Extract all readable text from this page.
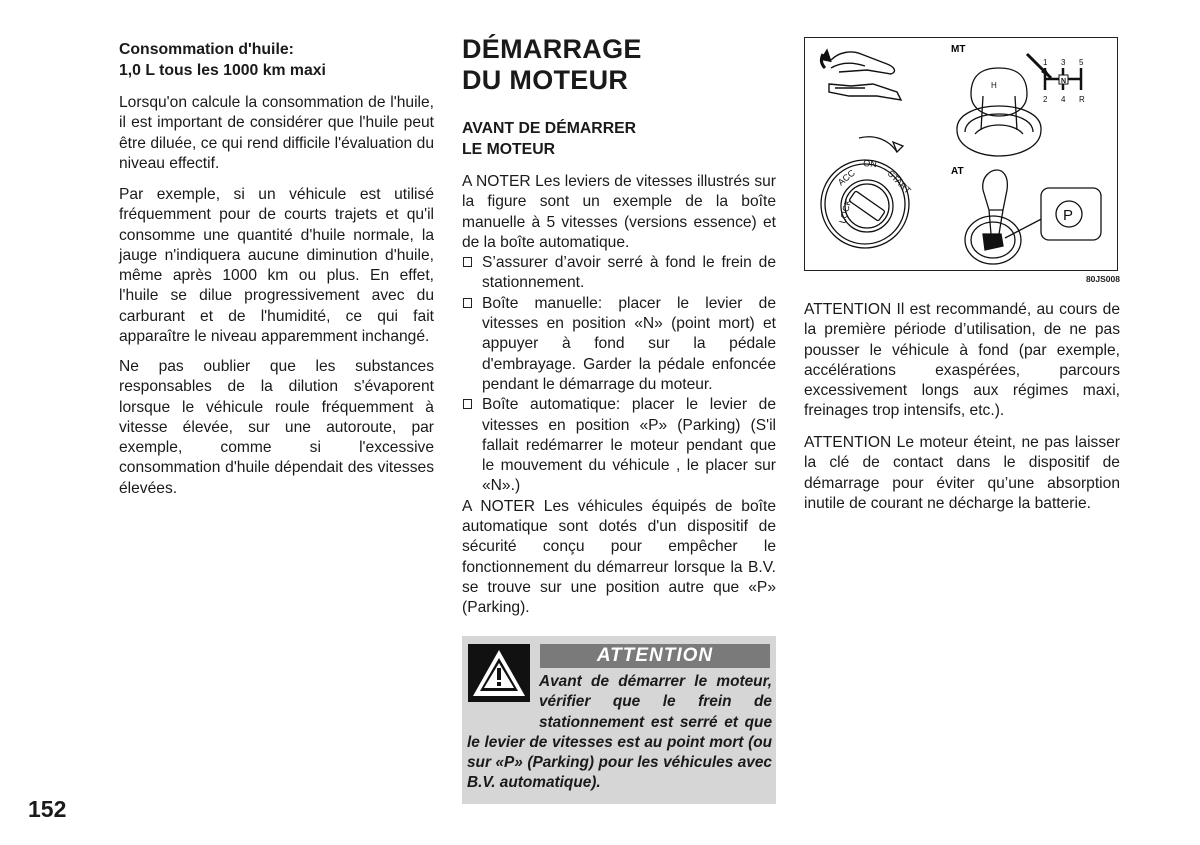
Consommation d'huile:
1,0 L tous les 1000 km maxi

Lorsqu'on calcule la consommation de l'huile, il est important de considérer que l'huile peut être diluée, ce qui rend difficile l'évaluation du niveau effectif.

Par exemple, si un véhicule est utilisé fréquemment pour de courts trajets et qu'il consomme une quantité d'huile normale, la jauge n'indiquera aucune diminution d'huile, même après 1000 km ou plus. En effet, l'huile se dilue progressivement avec du carburant et de l'humidité, ce qui fait apparaître le niveau apparemment inchangé.

Ne pas oublier que les substances responsables de la dilution s'évaporent lorsque le véhicule roule fréquemment à vitesse élevée, sur une autoroute, par exemple, comme si l'excessive consommation d'huile dépendait des vitesses élevées.

DÉMARRAGE
DU MOTEUR
AVANT DE DÉMARRER
LE MOTEUR

A NOTER Les leviers de vitesses illustrés sur la figure sont un exemple de la boîte manuelle à 5 vitesses (versions essence) et de la boîte automatique.

S’assurer d’avoir serré à fond le frein de stationnement.

Boîte manuelle: placer le levier de vitesses en position «N» (point mort) et appuyer à fond sur la pédale d'embrayage. Garder la pédale enfoncée pendant le démarrage du moteur.

Boîte automatique: placer le levier de vitesses en position «P» (Parking) (S'il fallait redémarrer le moteur pendant que le mouvement du véhicule , le placer sur «N».)

A NOTER Les véhicules équipés de boîte automatique sont dotés d'un dispositif de sécurité conçu pour empêcher le fonctionnement du démarreur lorsque la B.V. se trouve sur une position autre que «P» (Parking).

ATTENTION
Avant de démarrer le moteur, vérifier que le frein de stationnement est serré et que le levier de vitesses est au point mort (ou sur «P» (Parking) pour les véhicules avec B.V. automatique).
MT
H
1 3 5
2 4 R
N
LOCK
ACC
ON
START	AT
P
80JS008

ATTENTION Il est recommandé, au cours de la première période d’utilisation, de ne pas pousser le véhicule à fond (par exemple, accélérations exaspérées, parcours excessivement longs aux régimes maxi, freinages trop intensifs, etc.).

ATTENTION Le moteur éteint, ne pas laisser la clé de contact dans le dispositif de démarrage pour éviter qu’une absorption inutile de courant ne décharge la batterie.

152
